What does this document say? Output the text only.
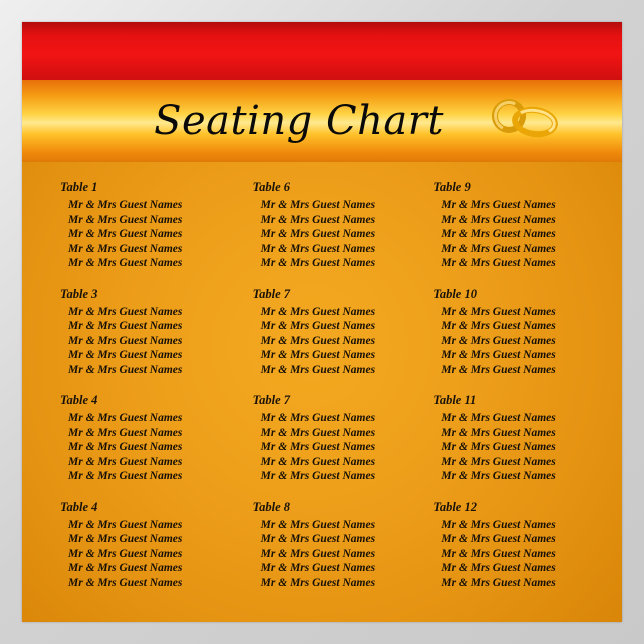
Seating Chart
Table 1
Mr & Mrs Guest Names
Mr & Mrs Guest Names
Mr & Mrs Guest Names
Mr & Mrs Guest Names
Mr & Mrs Guest Names
Table 3
Mr & Mrs Guest Names
Mr & Mrs Guest Names
Mr & Mrs Guest Names
Mr & Mrs Guest Names
Mr & Mrs Guest Names
Table 4
Mr & Mrs Guest Names
Mr & Mrs Guest Names
Mr & Mrs Guest Names
Mr & Mrs Guest Names
Mr & Mrs Guest Names
Table 4
Mr & Mrs Guest Names
Mr & Mrs Guest Names
Mr & Mrs Guest Names
Mr & Mrs Guest Names
Mr & Mrs Guest Names
Table 6
Mr & Mrs Guest Names
Mr & Mrs Guest Names
Mr & Mrs Guest Names
Mr & Mrs Guest Names
Mr & Mrs Guest Names
Table 7
Mr & Mrs Guest Names
Mr & Mrs Guest Names
Mr & Mrs Guest Names
Mr & Mrs Guest Names
Mr & Mrs Guest Names
Table 7
Mr & Mrs Guest Names
Mr & Mrs Guest Names
Mr & Mrs Guest Names
Mr & Mrs Guest Names
Mr & Mrs Guest Names
Table 8
Mr & Mrs Guest Names
Mr & Mrs Guest Names
Mr & Mrs Guest Names
Mr & Mrs Guest Names
Mr & Mrs Guest Names
Table 9
Mr & Mrs Guest Names
Mr & Mrs Guest Names
Mr & Mrs Guest Names
Mr & Mrs Guest Names
Mr & Mrs Guest Names
Table 10
Mr & Mrs Guest Names
Mr & Mrs Guest Names
Mr & Mrs Guest Names
Mr & Mrs Guest Names
Mr & Mrs Guest Names
Table 11
Mr & Mrs Guest Names
Mr & Mrs Guest Names
Mr & Mrs Guest Names
Mr & Mrs Guest Names
Mr & Mrs Guest Names
Table 12
Mr & Mrs Guest Names
Mr & Mrs Guest Names
Mr & Mrs Guest Names
Mr & Mrs Guest Names
Mr & Mrs Guest Names
